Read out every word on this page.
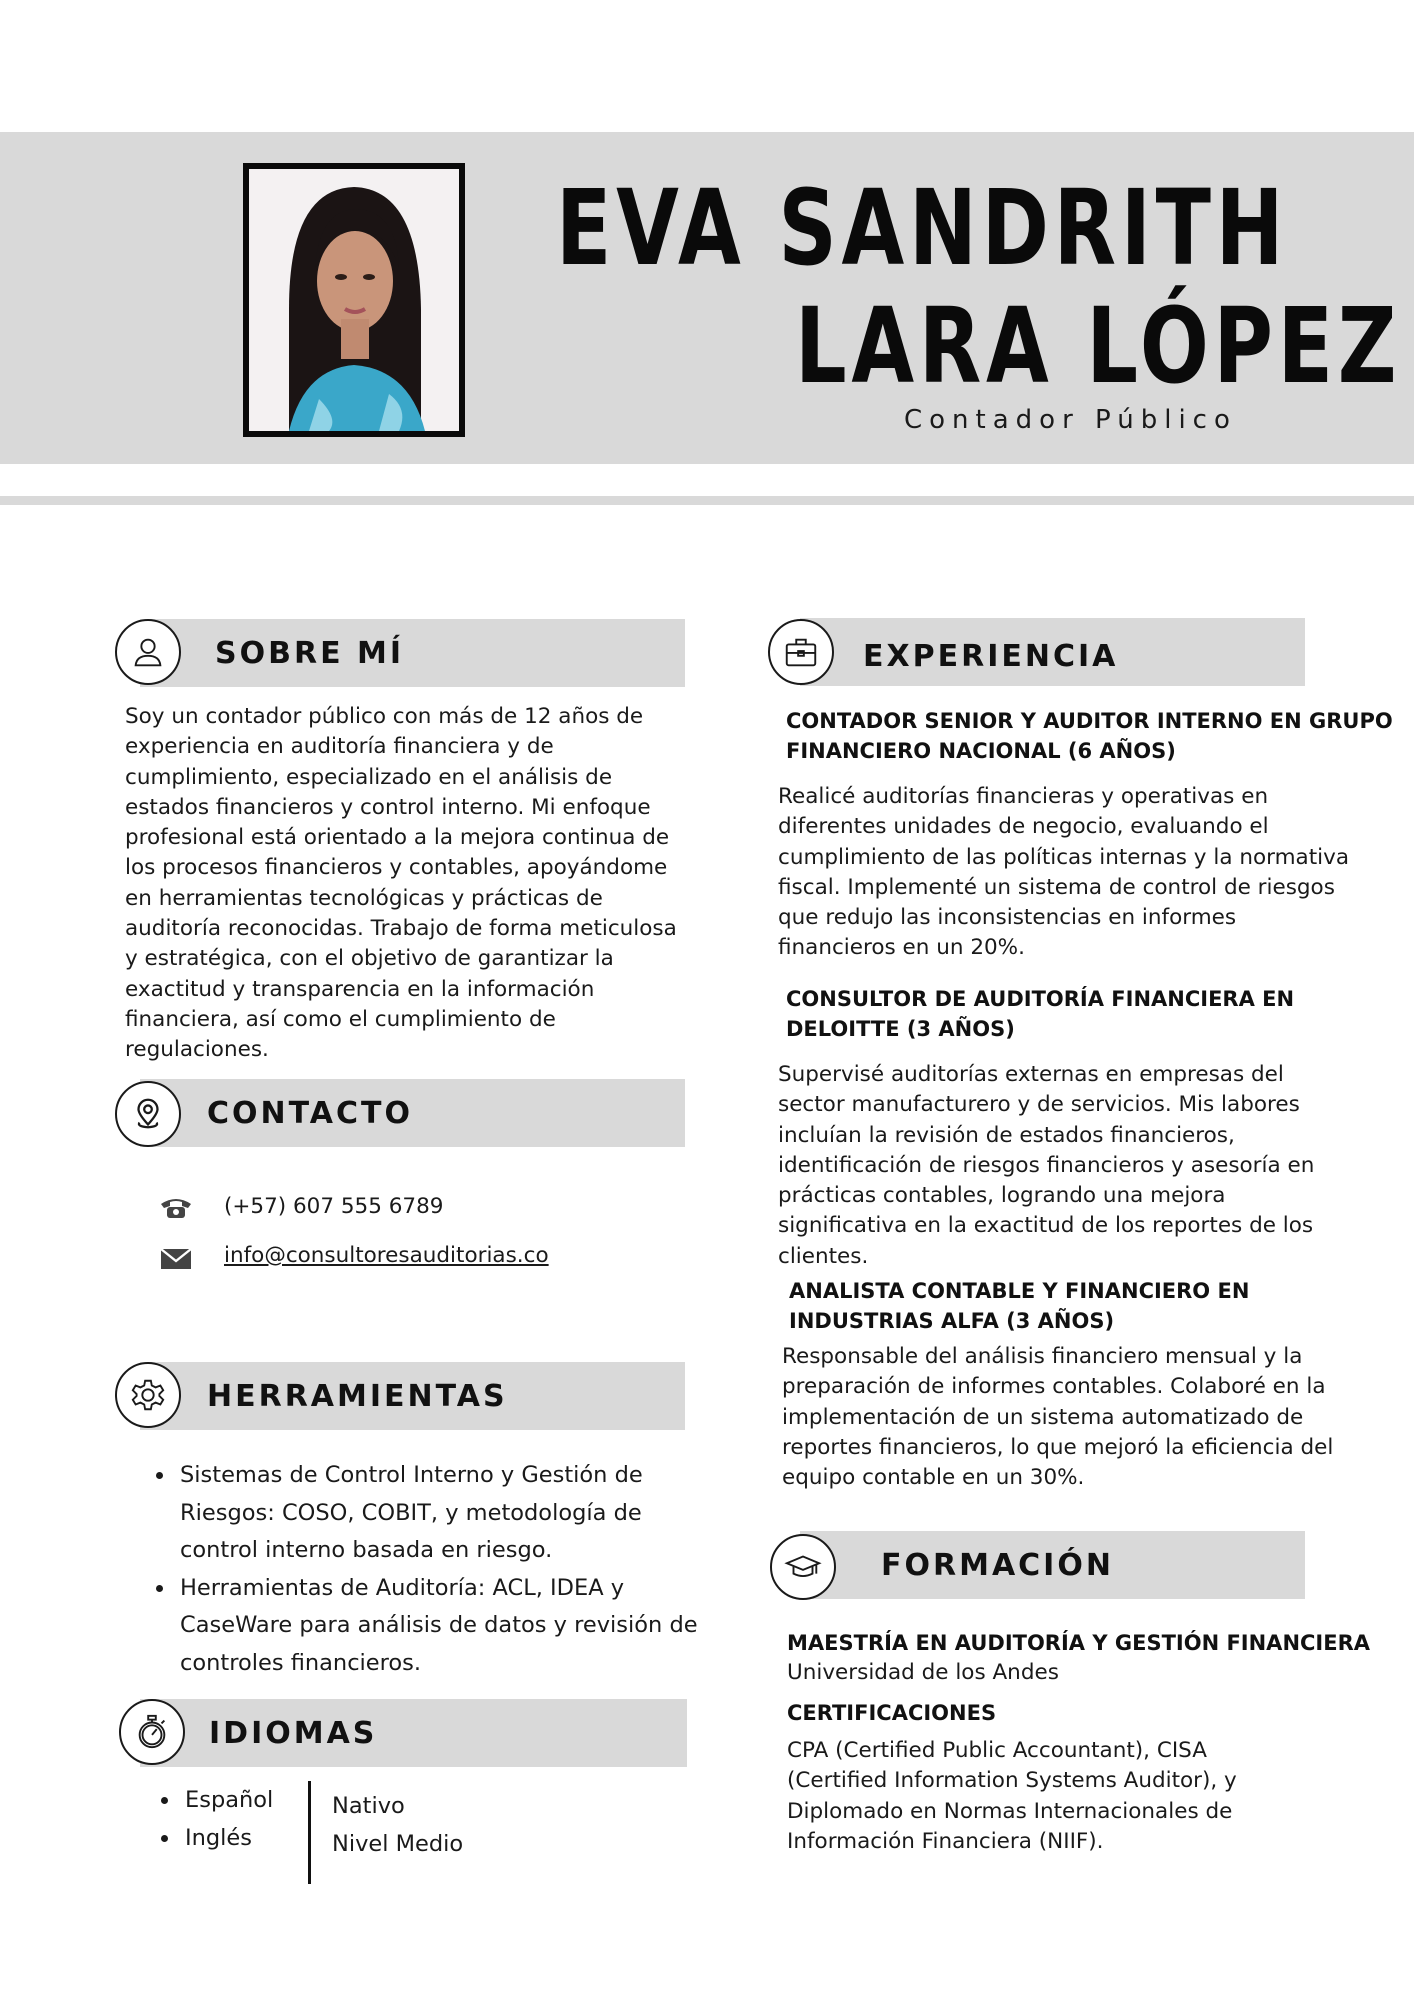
EVA SANDRITH
LARA LÓPEZ
Contador Público
SOBRE MÍ
Soy un contador público con más de 12 años de experiencia en auditoría financiera y de cumplimiento, especializado en el análisis de estados financieros y control interno. Mi enfoque profesional está orientado a la mejora continua de los procesos financieros y contables, apoyándome en herramientas tecnológicas y prácticas de auditoría reconocidas. Trabajo de forma meticulosa y estratégica, con el objetivo de garantizar la exactitud y transparencia en la información financiera, así como el cumplimiento de regulaciones.
CONTACTO
(+57) 607 555 6789
info@consultoresauditorias.co
HERRAMIENTAS
• Sistemas de Control Interno y Gestión de Riesgos: COSO, COBIT, y metodología de control interno basada en riesgo.
• Herramientas de Auditoría: ACL, IDEA y CaseWare para análisis de datos y revisión de controles financieros.
IDIOMAS
• Español
• Inglés
Nativo
Nivel Medio
EXPERIENCIA
CONTADOR SENIOR Y AUDITOR INTERNO EN GRUPO
FINANCIERO NACIONAL (6 AÑOS)
Realicé auditorías financieras y operativas en diferentes unidades de negocio, evaluando el cumplimiento de las políticas internas y la normativa fiscal. Implementé un sistema de control de riesgos que redujo las inconsistencias en informes financieros en un 20%.
CONSULTOR DE AUDITORÍA FINANCIERA EN
DELOITTE (3 AÑOS)
Supervisé auditorías externas en empresas del sector manufacturero y de servicios. Mis labores incluían la revisión de estados financieros, identificación de riesgos financieros y asesoría en prácticas contables, logrando una mejora significativa en la exactitud de los reportes de los clientes.
ANALISTA CONTABLE Y FINANCIERO EN
INDUSTRIAS ALFA (3 AÑOS)
Responsable del análisis financiero mensual y la preparación de informes contables. Colaboré en la implementación de un sistema automatizado de reportes financieros, lo que mejoró la eficiencia del equipo contable en un 30%.
FORMACIÓN
MAESTRÍA EN AUDITORÍA Y GESTIÓN FINANCIERA
Universidad de los Andes
CERTIFICACIONES
CPA (Certified Public Accountant), CISA (Certified Information Systems Auditor), y Diplomado en Normas Internacionales de Información Financiera (NIIF).
